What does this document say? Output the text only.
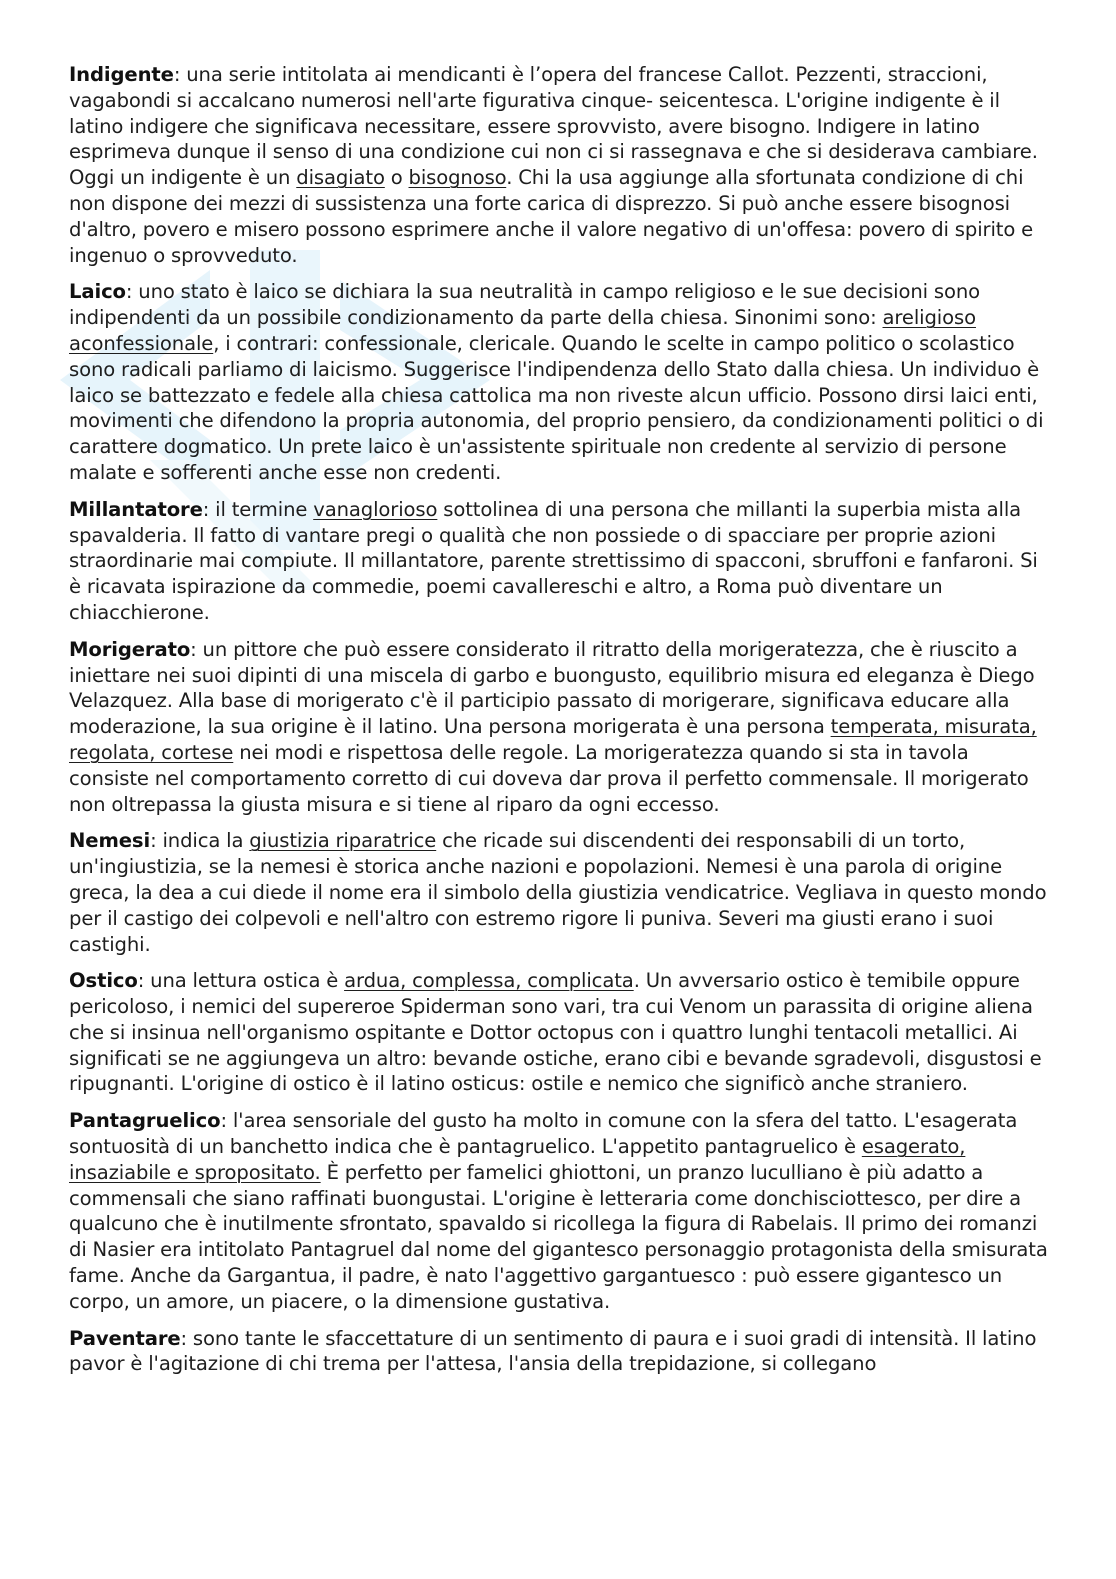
Indigente: una serie intitolata ai mendicanti è l’opera del francese Callot. Pezzenti, straccioni, vagabondi si accalcano numerosi nell'arte figurativa cinque- seicentesca. L'origine indigente è il latino indigere che significava necessitare, essere sprovvisto, avere bisogno. Indigere in latino esprimeva dunque il senso di una condizione cui non ci si rassegnava e che si desiderava cambiare. Oggi un indigente è un disagiato o bisognoso. Chi la usa aggiunge alla sfortunata condizione di chi non dispone dei mezzi di sussistenza una forte carica di disprezzo. Si può anche essere bisognosi d'altro, povero e misero possono esprimere anche il valore negativo di un'offesa: povero di spirito e ingenuo o sprovveduto.

Laico: uno stato è laico se dichiara la sua neutralità in campo religioso e le sue decisioni sono indipendenti da un possibile condizionamento da parte della chiesa. Sinonimi sono: areligioso aconfessionale, i contrari: confessionale, clericale. Quando le scelte in campo politico o scolastico sono radicali parliamo di laicismo. Suggerisce l'indipendenza dello Stato dalla chiesa. Un individuo è laico se battezzato e fedele alla chiesa cattolica ma non riveste alcun ufficio. Possono dirsi laici enti, movimenti che difendono la propria autonomia, del proprio pensiero, da condizionamenti politici o di carattere dogmatico. Un prete laico è un'assistente spirituale non credente al servizio di persone malate e sofferenti anche esse non credenti.

Millantatore: il termine vanaglorioso sottolinea di una persona che millanti la superbia mista alla spavalderia. Il fatto di vantare pregi o qualità che non possiede o di spacciare per proprie azioni straordinarie mai compiute. Il millantatore, parente strettissimo di spacconi, sbruffoni e fanfaroni. Si è ricavata ispirazione da commedie, poemi cavallereschi e altro, a Roma può diventare un chiacchierone.

Morigerato: un pittore che può essere considerato il ritratto della morigeratezza, che è riuscito a iniettare nei suoi dipinti di una miscela di garbo e buongusto, equilibrio misura ed eleganza è Diego Velazquez. Alla base di morigerato c'è il participio passato di morigerare, significava educare alla moderazione, la sua origine è il latino. Una persona morigerata è una persona temperata, misurata, regolata, cortese nei modi e rispettosa delle regole. La morigeratezza quando si sta in tavola consiste nel comportamento corretto di cui doveva dar prova il perfetto commensale. Il morigerato non oltrepassa la giusta misura e si tiene al riparo da ogni eccesso.

Nemesi: indica la giustizia riparatrice che ricade sui discendenti dei responsabili di un torto, un'ingiustizia, se la nemesi è storica anche nazioni e popolazioni. Nemesi è una parola di origine greca, la dea a cui diede il nome era il simbolo della giustizia vendicatrice. Vegliava in questo mondo per il castigo dei colpevoli e nell'altro con estremo rigore li puniva. Severi ma giusti erano i suoi castighi.

Ostico: una lettura ostica è ardua, complessa, complicata. Un avversario ostico è temibile oppure pericoloso, i nemici del supereroe Spiderman sono vari, tra cui Venom un parassita di origine aliena che si insinua nell'organismo ospitante e Dottor octopus con i quattro lunghi tentacoli metallici. Ai significati se ne aggiungeva un altro: bevande ostiche, erano cibi e bevande sgradevoli, disgustosi e ripugnanti. L'origine di ostico è il latino osticus: ostile e nemico che significò anche straniero.

Pantagruelico: l'area sensoriale del gusto ha molto in comune con la sfera del tatto. L'esagerata sontuosità di un banchetto indica che è pantagruelico. L'appetito pantagruelico è esagerato, insaziabile e spropositato. È perfetto per famelici ghiottoni, un pranzo luculliano è più adatto a commensali che siano raffinati buongustai. L'origine è letteraria come donchisciottesco, per dire a qualcuno che è inutilmente sfrontato, spavaldo si ricollega la figura di Rabelais. Il primo dei romanzi di Nasier era intitolato Pantagruel dal nome del gigantesco personaggio protagonista della smisurata fame. Anche da Gargantua, il padre, è nato l'aggettivo gargantuesco : può essere gigantesco un corpo, un amore, un piacere, o la dimensione gustativa.

Paventare: sono tante le sfaccettature di un sentimento di paura e i suoi gradi di intensità. Il latino pavor è l'agitazione di chi trema per l'attesa, l'ansia della trepidazione, si collegano
